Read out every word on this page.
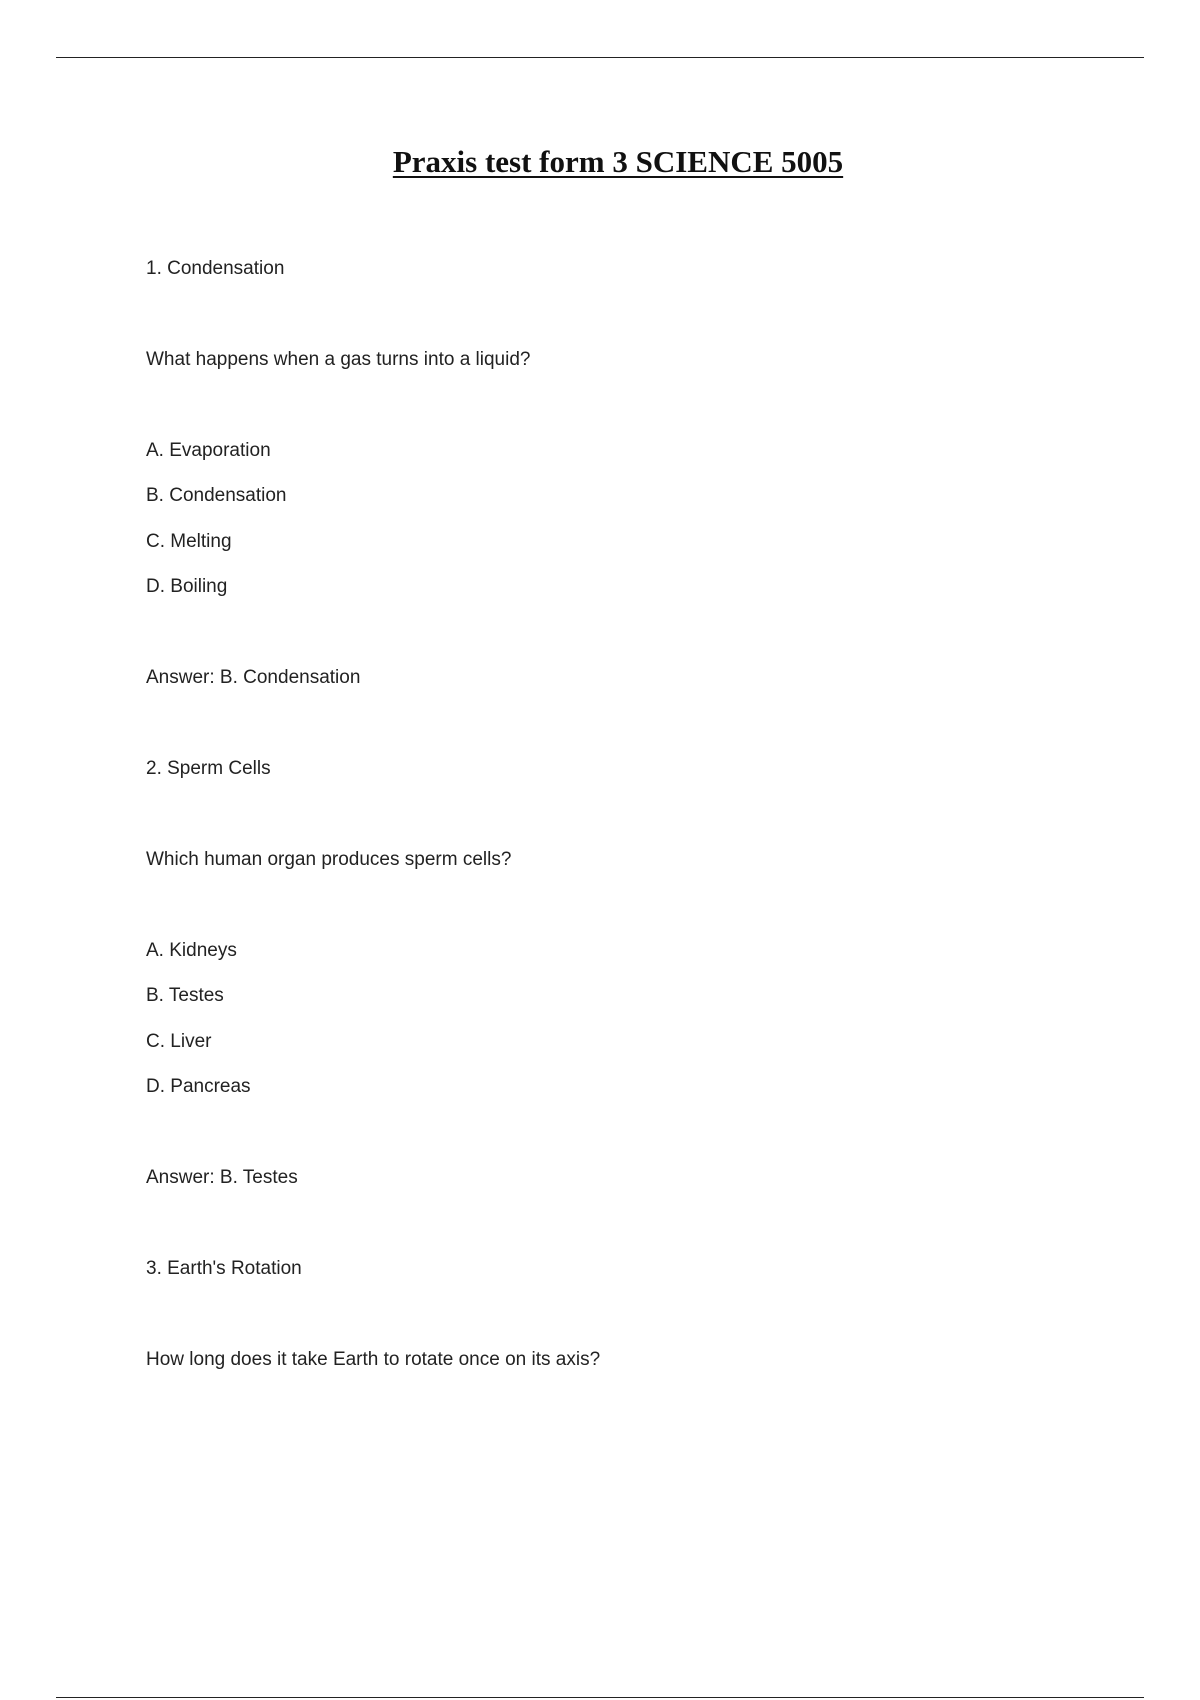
Praxis test form 3 SCIENCE 5005
1. Condensation
What happens when a gas turns into a liquid?
A. Evaporation
B. Condensation
C. Melting
D. Boiling
Answer: B. Condensation
2. Sperm Cells
Which human organ produces sperm cells?
A. Kidneys
B. Testes
C. Liver
D. Pancreas
Answer: B. Testes
3. Earth's Rotation
How long does it take Earth to rotate once on its axis?
